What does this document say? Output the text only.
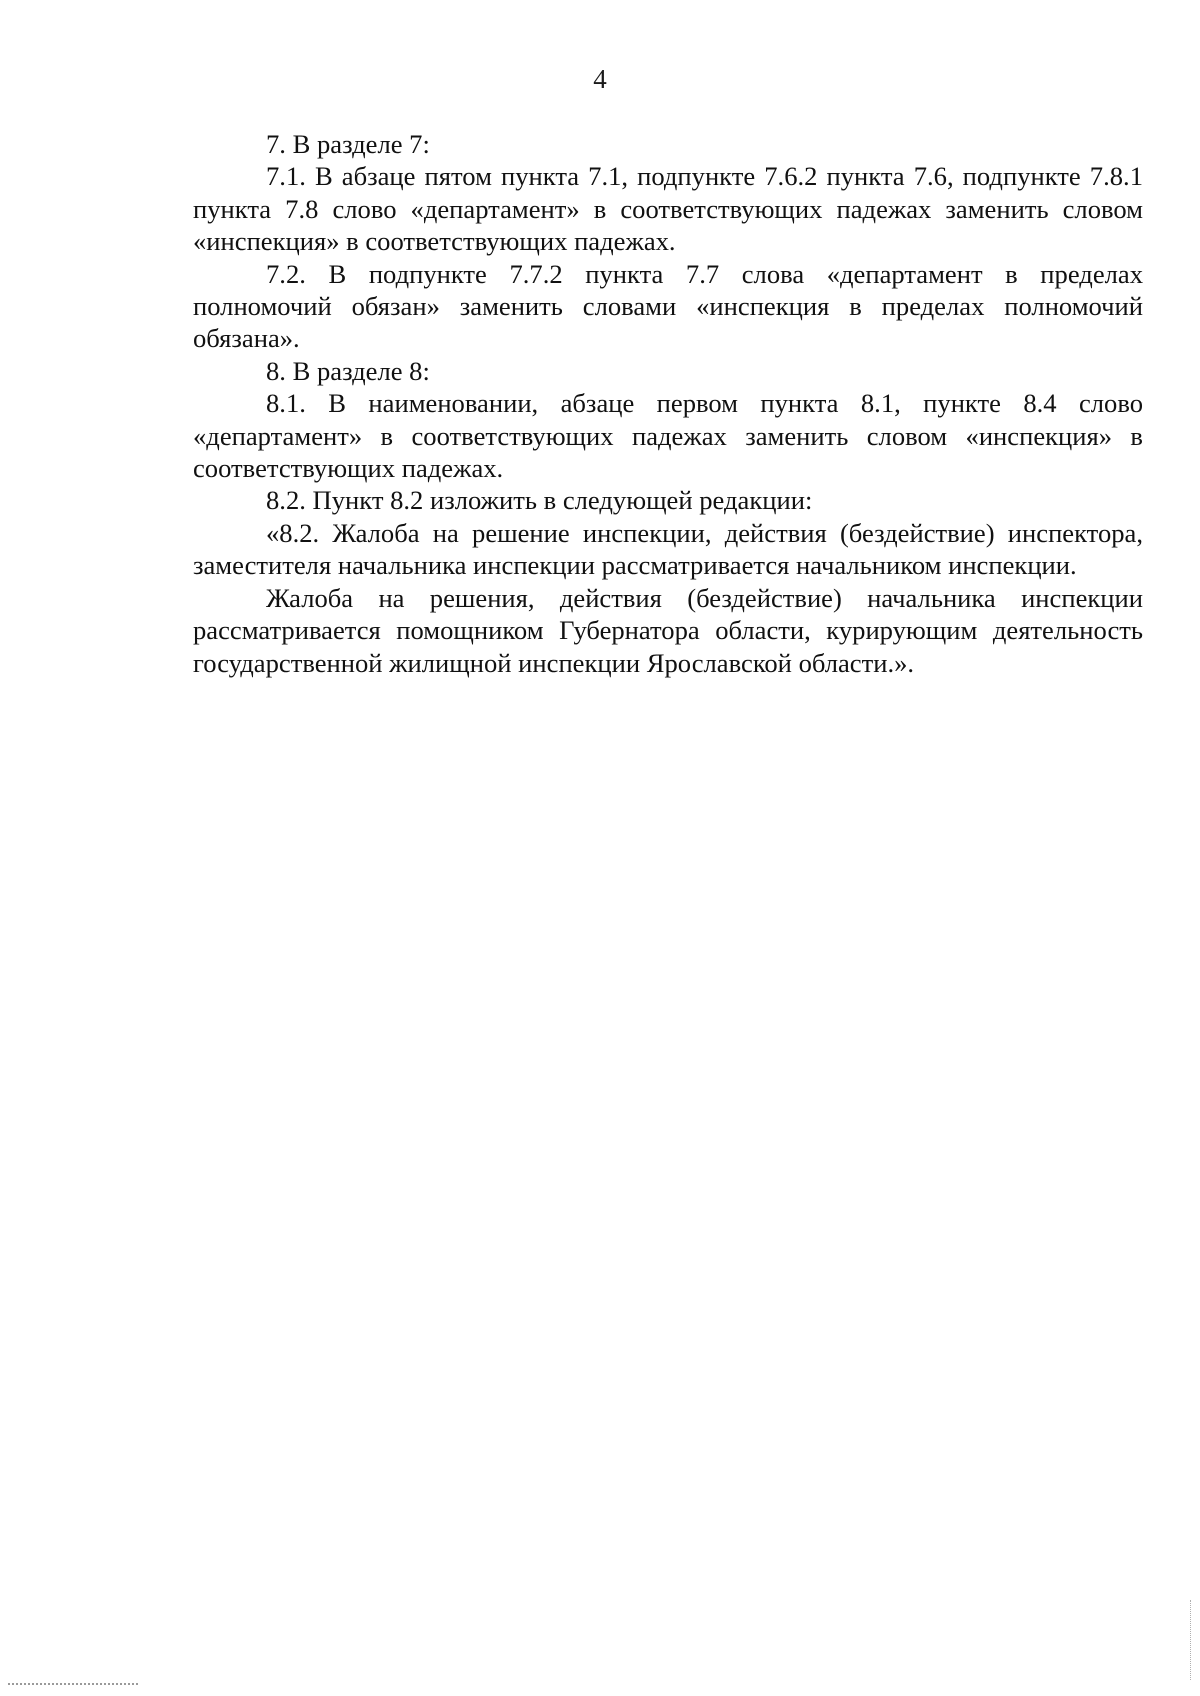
4

7. В разделе 7:

7.1. В абзаце пятом пункта 7.1, подпункте 7.6.2 пункта 7.6, подпункте 7.8.1 пункта 7.8 слово «департамент» в соответствующих падежах заменить словом «инспекция» в соответствующих падежах.

7.2. В подпункте 7.7.2 пункта 7.7 слова «департамент в пределах полномочий обязан» заменить словами «инспекция в пределах полномочий обязана».

8. В разделе 8:

8.1. В наименовании, абзаце первом пункта 8.1, пункте 8.4 слово «департамент» в соответствующих падежах заменить словом «инспекция» в соответствующих падежах.

8.2. Пункт 8.2 изложить в следующей редакции:

«8.2. Жалоба на решение инспекции, действия (бездействие) инспектора, заместителя начальника инспекции рассматривается начальником инспекции.

Жалоба на решения, действия (бездействие) начальника инспекции рассматривается помощником Губернатора области, курирующим деятельность государственной жилищной инспекции Ярославской области.».
